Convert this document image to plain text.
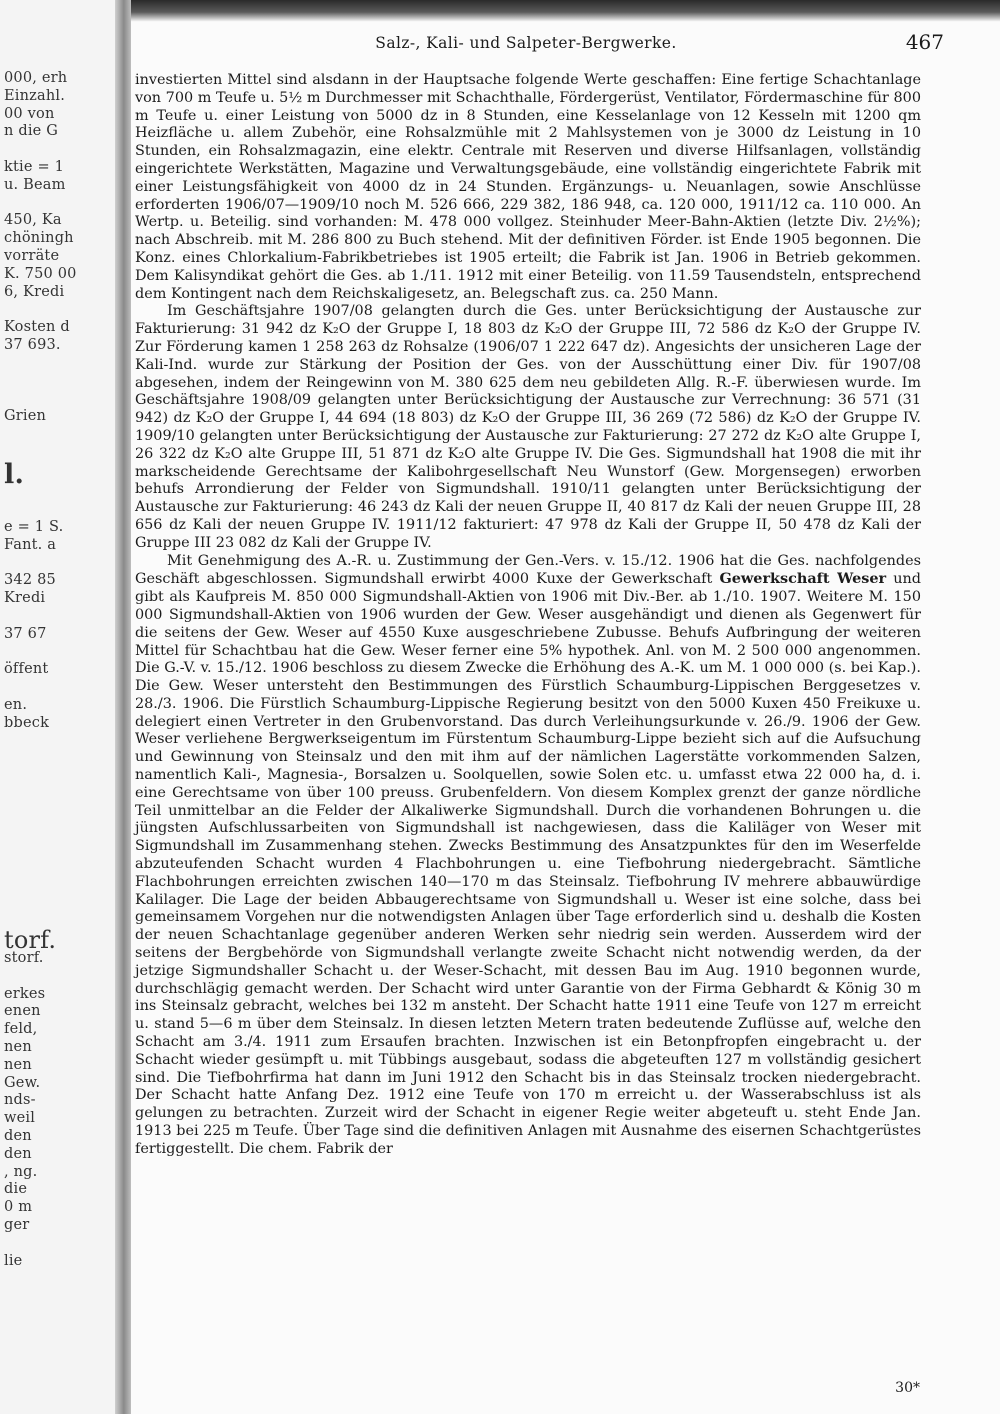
000, erh
Einzahl.
00 von
n die G
ktie = 1
u. Beam
450, Ka
chöningh
vorräte
K. 750 00
6, Kredi
Kosten d
37 693.
Grien
l.
e = 1 S.
Fant. a
342 85
Kredi
37 67
öffent
en.
bbeck
torf.
storf.
erkes
enen
feld,
nen
nen
Gew.
nds-
weil
den
den
, ng.
die
0 m
ger
lie
Salz-, Kali- und Salpeter-Bergwerke.	467

investierten Mittel sind alsdann in der Hauptsache folgende Werte geschaffen: Eine fertige Schachtanlage von 700 m Teufe u. 5½ m Durchmesser mit Schachthalle, Fördergerüst, Ventilator, Fördermaschine für 800 m Teufe u. einer Leistung von 5000 dz in 8 Stunden, eine Kesselanlage von 12 Kesseln mit 1200 qm Heizfläche u. allem Zubehör, eine Rohsalzmühle mit 2 Mahlsystemen von je 3000 dz Leistung in 10 Stunden, ein Rohsalzmagazin, eine elektr. Centrale mit Reserven und diverse Hilfsanlagen, vollständig eingerichtete Werkstätten, Magazine und Verwaltungsgebäude, eine vollständig eingerichtete Fabrik mit einer Leistungsfähigkeit von 4000 dz in 24 Stunden. Ergänzungs- u. Neuanlagen, sowie Anschlüsse erforderten 1906/07—1909/10 noch M. 526 666, 229 382, 186 948, ca. 120 000, 1911/12 ca. 110 000. An Wertp. u. Beteilig. sind vorhanden: M. 478 000 vollgez. Steinhuder Meer-Bahn-Aktien (letzte Div. 2½%); nach Abschreib. mit M. 286 800 zu Buch stehend. Mit der definitiven Förder. ist Ende 1905 begonnen. Die Konz. eines Chlorkalium-Fabrikbetriebes ist 1905 erteilt; die Fabrik ist Jan. 1906 in Betrieb gekommen. Dem Kalisyndikat gehört die Ges. ab 1./11. 1912 mit einer Beteilig. von 11.59 Tausendsteln, entsprechend dem Kontingent nach dem Reichskaligesetz, an. Belegschaft zus. ca. 250 Mann.

Im Geschäftsjahre 1907/08 gelangten durch die Ges. unter Berücksichtigung der Austausche zur Fakturierung: 31 942 dz K₂O der Gruppe I, 18 803 dz K₂O der Gruppe III, 72 586 dz K₂O der Gruppe IV. Zur Förderung kamen 1 258 263 dz Rohsalze (1906/07 1 222 647 dz). Angesichts der unsicheren Lage der Kali-Ind. wurde zur Stärkung der Position der Ges. von der Ausschüttung einer Div. für 1907/08 abgesehen, indem der Reingewinn von M. 380 625 dem neu gebildeten Allg. R.-F. überwiesen wurde. Im Geschäftsjahre 1908/09 gelangten unter Berücksichtigung der Austausche zur Verrechnung: 36 571 (31 942) dz K₂O der Gruppe I, 44 694 (18 803) dz K₂O der Gruppe III, 36 269 (72 586) dz K₂O der Gruppe IV. 1909/10 gelangten unter Berücksichtigung der Austausche zur Fakturierung: 27 272 dz K₂O alte Gruppe I, 26 322 dz K₂O alte Gruppe III, 51 871 dz K₂O alte Gruppe IV. Die Ges. Sigmundshall hat 1908 die mit ihr markscheidende Gerechtsame der Kalibohrgesellschaft Neu Wunstorf (Gew. Morgensegen) erworben behufs Arrondierung der Felder von Sigmundshall. 1910/11 gelangten unter Berücksichtigung der Austausche zur Fakturierung: 46 243 dz Kali der neuen Gruppe II, 40 817 dz Kali der neuen Gruppe III, 28 656 dz Kali der neuen Gruppe IV. 1911/12 fakturiert: 47 978 dz Kali der Gruppe II, 50 478 dz Kali der Gruppe III 23 082 dz Kali der Gruppe IV.

Mit Genehmigung des A.-R. u. Zustimmung der Gen.-Vers. v. 15./12. 1906 hat die Ges. nachfolgendes Geschäft abgeschlossen. Sigmundshall erwirbt 4000 Kuxe der Gewerkschaft Gewerkschaft Weser und gibt als Kaufpreis M. 850 000 Sigmundshall-Aktien von 1906 mit Div.-Ber. ab 1./10. 1907. Weitere M. 150 000 Sigmundshall-Aktien von 1906 wurden der Gew. Weser ausgehändigt und dienen als Gegenwert für die seitens der Gew. Weser auf 4550 Kuxe ausgeschriebene Zubusse. Behufs Aufbringung der weiteren Mittel für Schachtbau hat die Gew. Weser ferner eine 5% hypothek. Anl. von M. 2 500 000 angenommen. Die G.-V. v. 15./12. 1906 beschloss zu diesem Zwecke die Erhöhung des A.-K. um M. 1 000 000 (s. bei Kap.). Die Gew. Weser untersteht den Bestimmungen des Fürstlich Schaumburg-Lippischen Berggesetzes v. 28./3. 1906. Die Fürstlich Schaumburg-Lippische Regierung besitzt von den 5000 Kuxen 450 Freikuxe u. delegiert einen Vertreter in den Grubenvorstand. Das durch Verleihungsurkunde v. 26./9. 1906 der Gew. Weser verliehene Bergwerkseigentum im Fürstentum Schaumburg-Lippe bezieht sich auf die Aufsuchung und Gewinnung von Steinsalz und den mit ihm auf der nämlichen Lagerstätte vorkommenden Salzen, namentlich Kali-, Magnesia-, Borsalzen u. Soolquellen, sowie Solen etc. u. umfasst etwa 22 000 ha, d. i. eine Gerechtsame von über 100 preuss. Grubenfeldern. Von diesem Komplex grenzt der ganze nördliche Teil unmittelbar an die Felder der Alkaliwerke Sigmundshall. Durch die vorhandenen Bohrungen u. die jüngsten Aufschlussarbeiten von Sigmundshall ist nachgewiesen, dass die Kaliläger von Weser mit Sigmundshall im Zusammenhang stehen. Zwecks Bestimmung des Ansatzpunktes für den im Weserfelde abzuteufenden Schacht wurden 4 Flachbohrungen u. eine Tiefbohrung niedergebracht. Sämtliche Flachbohrungen erreichten zwischen 140—170 m das Steinsalz. Tiefbohrung IV mehrere abbauwürdige Kalilager. Die Lage der beiden Abbaugerechtsame von Sigmundshall u. Weser ist eine solche, dass bei gemeinsamem Vorgehen nur die notwendigsten Anlagen über Tage erforderlich sind u. deshalb die Kosten der neuen Schachtanlage gegenüber anderen Werken sehr niedrig sein werden. Ausserdem wird der seitens der Bergbehörde von Sigmundshall verlangte zweite Schacht nicht notwendig werden, da der jetzige Sigmundshaller Schacht u. der Weser-Schacht, mit dessen Bau im Aug. 1910 begonnen wurde, durchschlägig gemacht werden. Der Schacht wird unter Garantie von der Firma Gebhardt & König 30 m ins Steinsalz gebracht, welches bei 132 m ansteht. Der Schacht hatte 1911 eine Teufe von 127 m erreicht u. stand 5—6 m über dem Steinsalz. In diesen letzten Metern traten bedeutende Zuflüsse auf, welche den Schacht am 3./4. 1911 zum Ersaufen brachten. Inzwischen ist ein Betonpfropfen eingebracht u. der Schacht wieder gesümpft u. mit Tübbings ausgebaut, sodass die abgeteuften 127 m vollständig gesichert sind. Die Tiefbohrfirma hat dann im Juni 1912 den Schacht bis in das Steinsalz trocken niedergebracht. Der Schacht hatte Anfang Dez. 1912 eine Teufe von 170 m erreicht u. der Wasserabschluss ist als gelungen zu betrachten. Zurzeit wird der Schacht in eigener Regie weiter abgeteuft u. steht Ende Jan. 1913 bei 225 m Teufe. Über Tage sind die definitiven Anlagen mit Ausnahme des eisernen Schachtgerüstes fertiggestellt. Die chem. Fabrik der

30*
